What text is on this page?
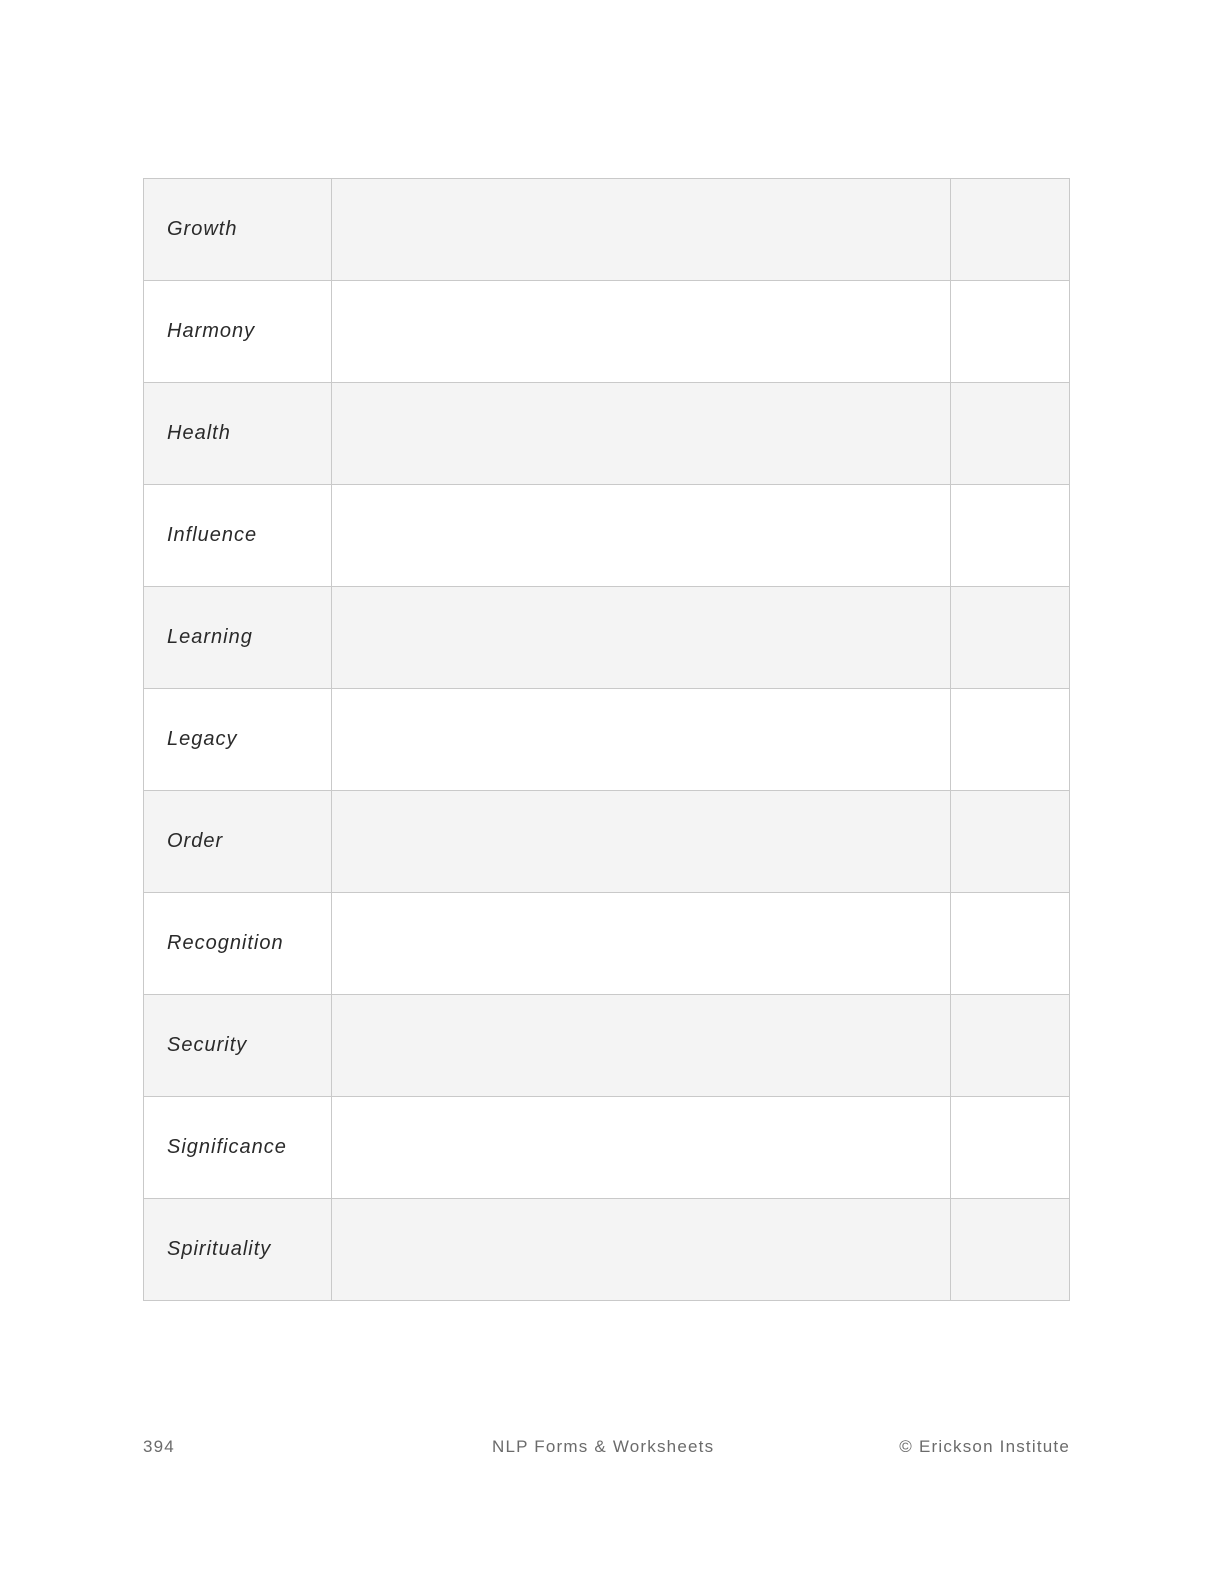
Growth		

Harmony		

Health		

Influence		

Learning		

Legacy		

Order		

Recognition		

Security		

Significance		

Spirituality		

394	NLP Forms & Worksheets	© Erickson Institute
